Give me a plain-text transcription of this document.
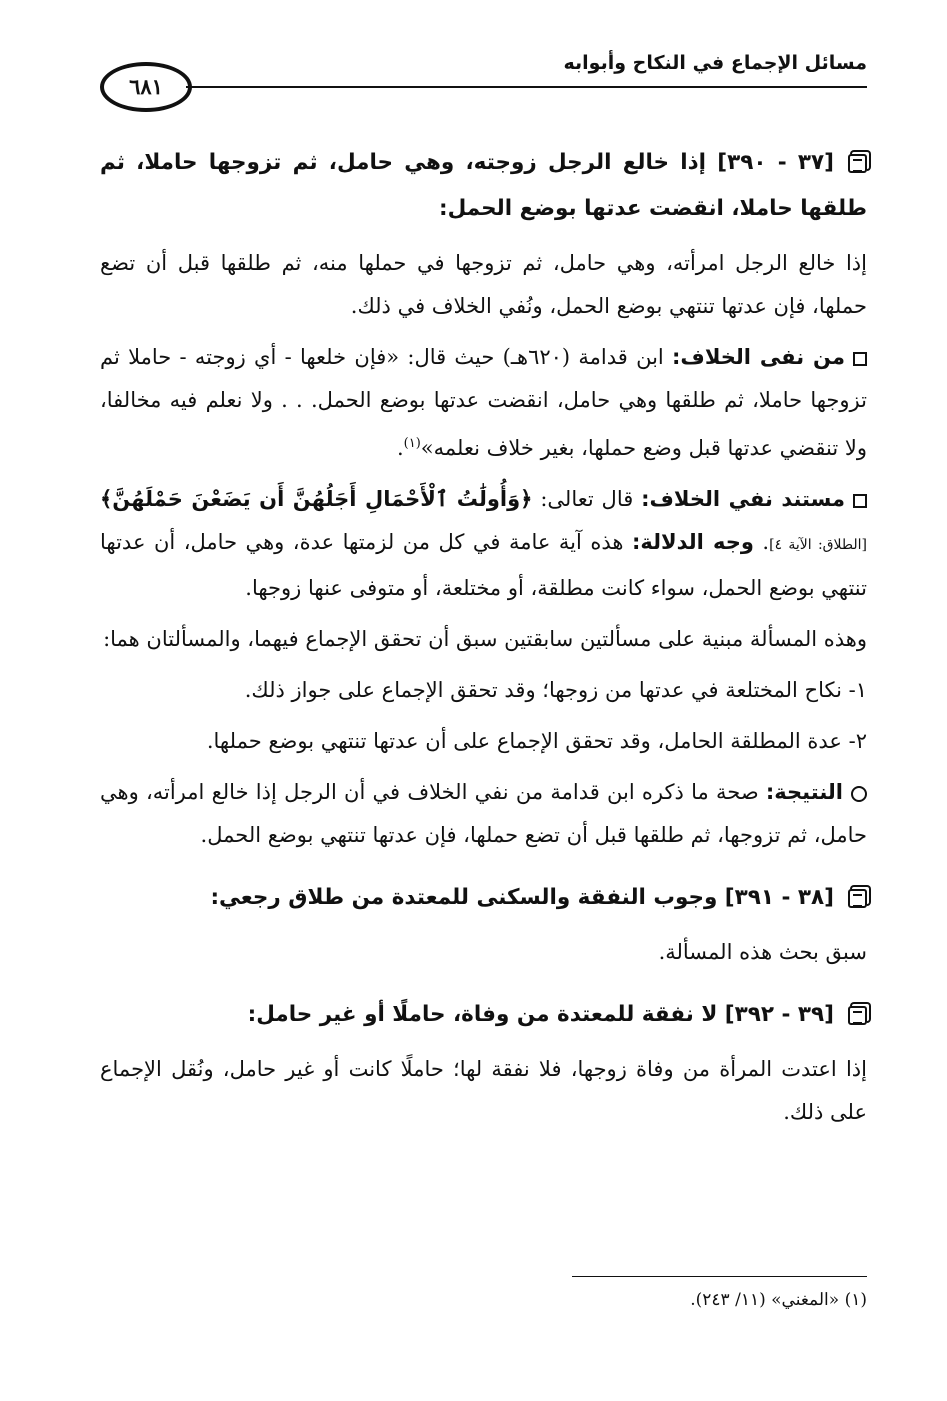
٦٨١
مسائل الإجماع في النكاح وأبوابه
[٣٧ - ٣٩٠] إذا خالع الرجل زوجته، وهي حامل، ثم تزوجها حاملا، ثم طلقها حاملا، انقضت عدتها بوضع الحمل:

إذا خالع الرجل امرأته، وهي حامل، ثم تزوجها في حملها منه، ثم طلقها قبل أن تضع حملها، فإن عدتها تنتهي بوضع الحمل، ونُفي الخلاف في ذلك.

من نفى الخلاف: ابن قدامة (٦٢٠هـ) حيث قال: «فإن خلعها - أي زوجته - حاملا ثم تزوجها حاملا، ثم طلقها وهي حامل، انقضت عدتها بوضع الحمل. . . ولا نعلم فيه مخالفا، ولا تنقضي عدتها قبل وضع حملها، بغير خلاف نعلمه»$^{(١)}$.

مستند نفي الخلاف: قال تعالى: ﴿وَأُولَٰتُ ٱلْأَحْمَالِ أَجَلُهُنَّ أَن يَضَعْنَ حَمْلَهُنَّ﴾ [الطلاق: الآية ٤]. وجه الدلالة: هذه آية عامة في كل من لزمتها عدة، وهي حامل، أن عدتها تنتهي بوضع الحمل، سواء كانت مطلقة، أو مختلعة، أو متوفى عنها زوجها.

وهذه المسألة مبنية على مسألتين سابقتين سبق أن تحقق الإجماع فيهما، والمسألتان هما:

١- نكاح المختلعة في عدتها من زوجها؛ وقد تحقق الإجماع على جواز ذلك.

٢- عدة المطلقة الحامل، وقد تحقق الإجماع على أن عدتها تنتهي بوضع حملها.

النتيجة: صحة ما ذكره ابن قدامة من نفي الخلاف في أن الرجل إذا خالع امرأته، وهي حامل، ثم تزوجها، ثم طلقها قبل أن تضع حملها، فإن عدتها تنتهي بوضع الحمل.

[٣٨ - ٣٩١] وجوب النفقة والسكنى للمعتدة من طلاق رجعي:

سبق بحث هذه المسألة.

[٣٩ - ٣٩٢] لا نفقة للمعتدة من وفاة، حاملًا أو غير حامل:

إذا اعتدت المرأة من وفاة زوجها، فلا نفقة لها؛ حاملًا كانت أو غير حامل، ونُقل الإجماع على ذلك.

(١) «المغني» (١١/ ٢٤٣).
